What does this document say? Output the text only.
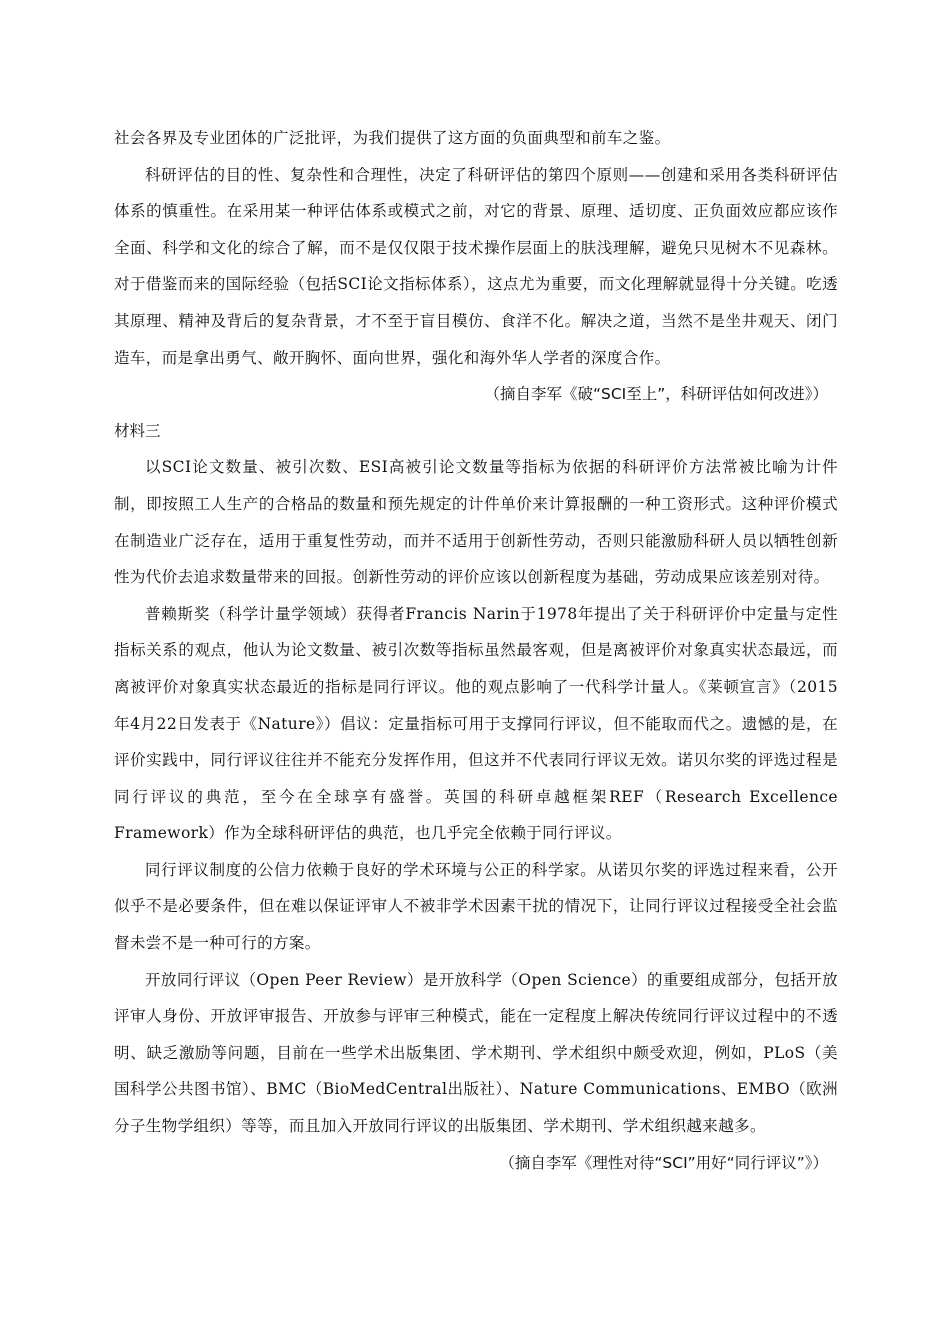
社会各界及专业团体的广泛批评，为我们提供了这方面的负面典型和前车之鉴。

科研评估的目的性、复杂性和合理性，决定了科研评估的第四个原则——创建和采用各类科研评估体系的慎重性。在采用某一种评估体系或模式之前，对它的背景、原理、适切度、正负面效应都应该作全面、科学和文化的综合了解，而不是仅仅限于技术操作层面上的肤浅理解，避免只见树木不见森林。对于借鉴而来的国际经验（包括SCI论文指标体系），这点尤为重要，而文化理解就显得十分关键。吃透其原理、精神及背后的复杂背景，才不至于盲目模仿、食洋不化。解决之道，当然不是坐井观天、闭门造车，而是拿出勇气、敞开胸怀、面向世界，强化和海外华人学者的深度合作。

（摘自李军《破“SCI至上”，科研评估如何改进》）

材料三

以SCI论文数量、被引次数、ESI高被引论文数量等指标为依据的科研评价方法常被比喻为计件制，即按照工人生产的合格品的数量和预先规定的计件单价来计算报酬的一种工资形式。这种评价模式在制造业广泛存在，适用于重复性劳动，而并不适用于创新性劳动，否则只能激励科研人员以牺牲创新性为代价去追求数量带来的回报。创新性劳动的评价应该以创新程度为基础，劳动成果应该差别对待。

普赖斯奖（科学计量学领域）获得者Francis Narin于1978年提出了关于科研评价中定量与定性指标关系的观点，他认为论文数量、被引次数等指标虽然最客观，但是离被评价对象真实状态最远，而离被评价对象真实状态最近的指标是同行评议。他的观点影响了一代科学计量人。《莱顿宣言》（2015年4月22日发表于《Nature》）倡议：定量指标可用于支撑同行评议，但不能取而代之。遗憾的是，在评价实践中，同行评议往往并不能充分发挥作用，但这并不代表同行评议无效。诺贝尔奖的评选过程是同行评议的典范，至今在全球享有盛誉。英国的科研卓越框架REF（Research Excellence Framework）作为全球科研评估的典范，也几乎完全依赖于同行评议。

同行评议制度的公信力依赖于良好的学术环境与公正的科学家。从诺贝尔奖的评选过程来看，公开似乎不是必要条件，但在难以保证评审人不被非学术因素干扰的情况下，让同行评议过程接受全社会监督未尝不是一种可行的方案。

开放同行评议（Open Peer Review）是开放科学（Open Science）的重要组成部分，包括开放评审人身份、开放评审报告、开放参与评审三种模式，能在一定程度上解决传统同行评议过程中的不透明、缺乏激励等问题，目前在一些学术出版集团、学术期刊、学术组织中颇受欢迎，例如，PLoS（美国科学公共图书馆）、BMC（BioMedCentral出版社）、Nature Communications、EMBO（欧洲分子生物学组织）等等，而且加入开放同行评议的出版集团、学术期刊、学术组织越来越多。

（摘自李军《理性对待“SCI”用好“同行评议”》）
